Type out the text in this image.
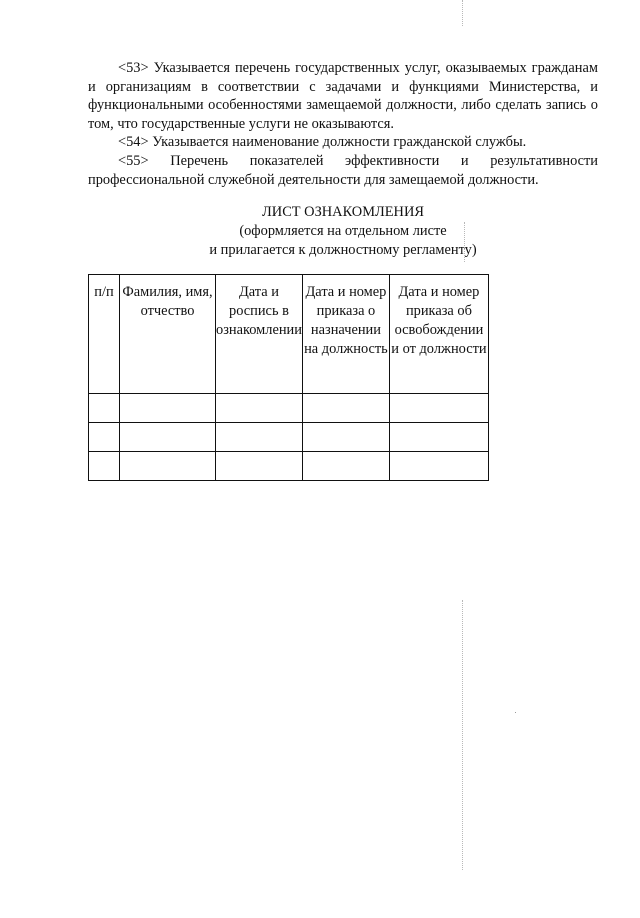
<53> Указывается перечень государственных услуг, оказываемых гражданам и организациям в соответствии с задачами и функциями Министерства, и функциональными особенностями замещаемой должности, либо сделать запись о том, что государственные услуги не оказываются.

<54> Указывается наименование должности гражданской службы.

<55> Перечень показателей эффективности и результативности профессиональной служебной деятельности для замещаемой должности.

ЛИСТ ОЗНАКОМЛЕНИЯ
(оформляется на отдельном листе
и прилагается к должностному регламенту)
п/п	Фамилия, имя, отчество	Дата и роспись в ознакомлении	Дата и номер приказа о назначении на должность	Дата и номер приказа об освобождении и от должности
